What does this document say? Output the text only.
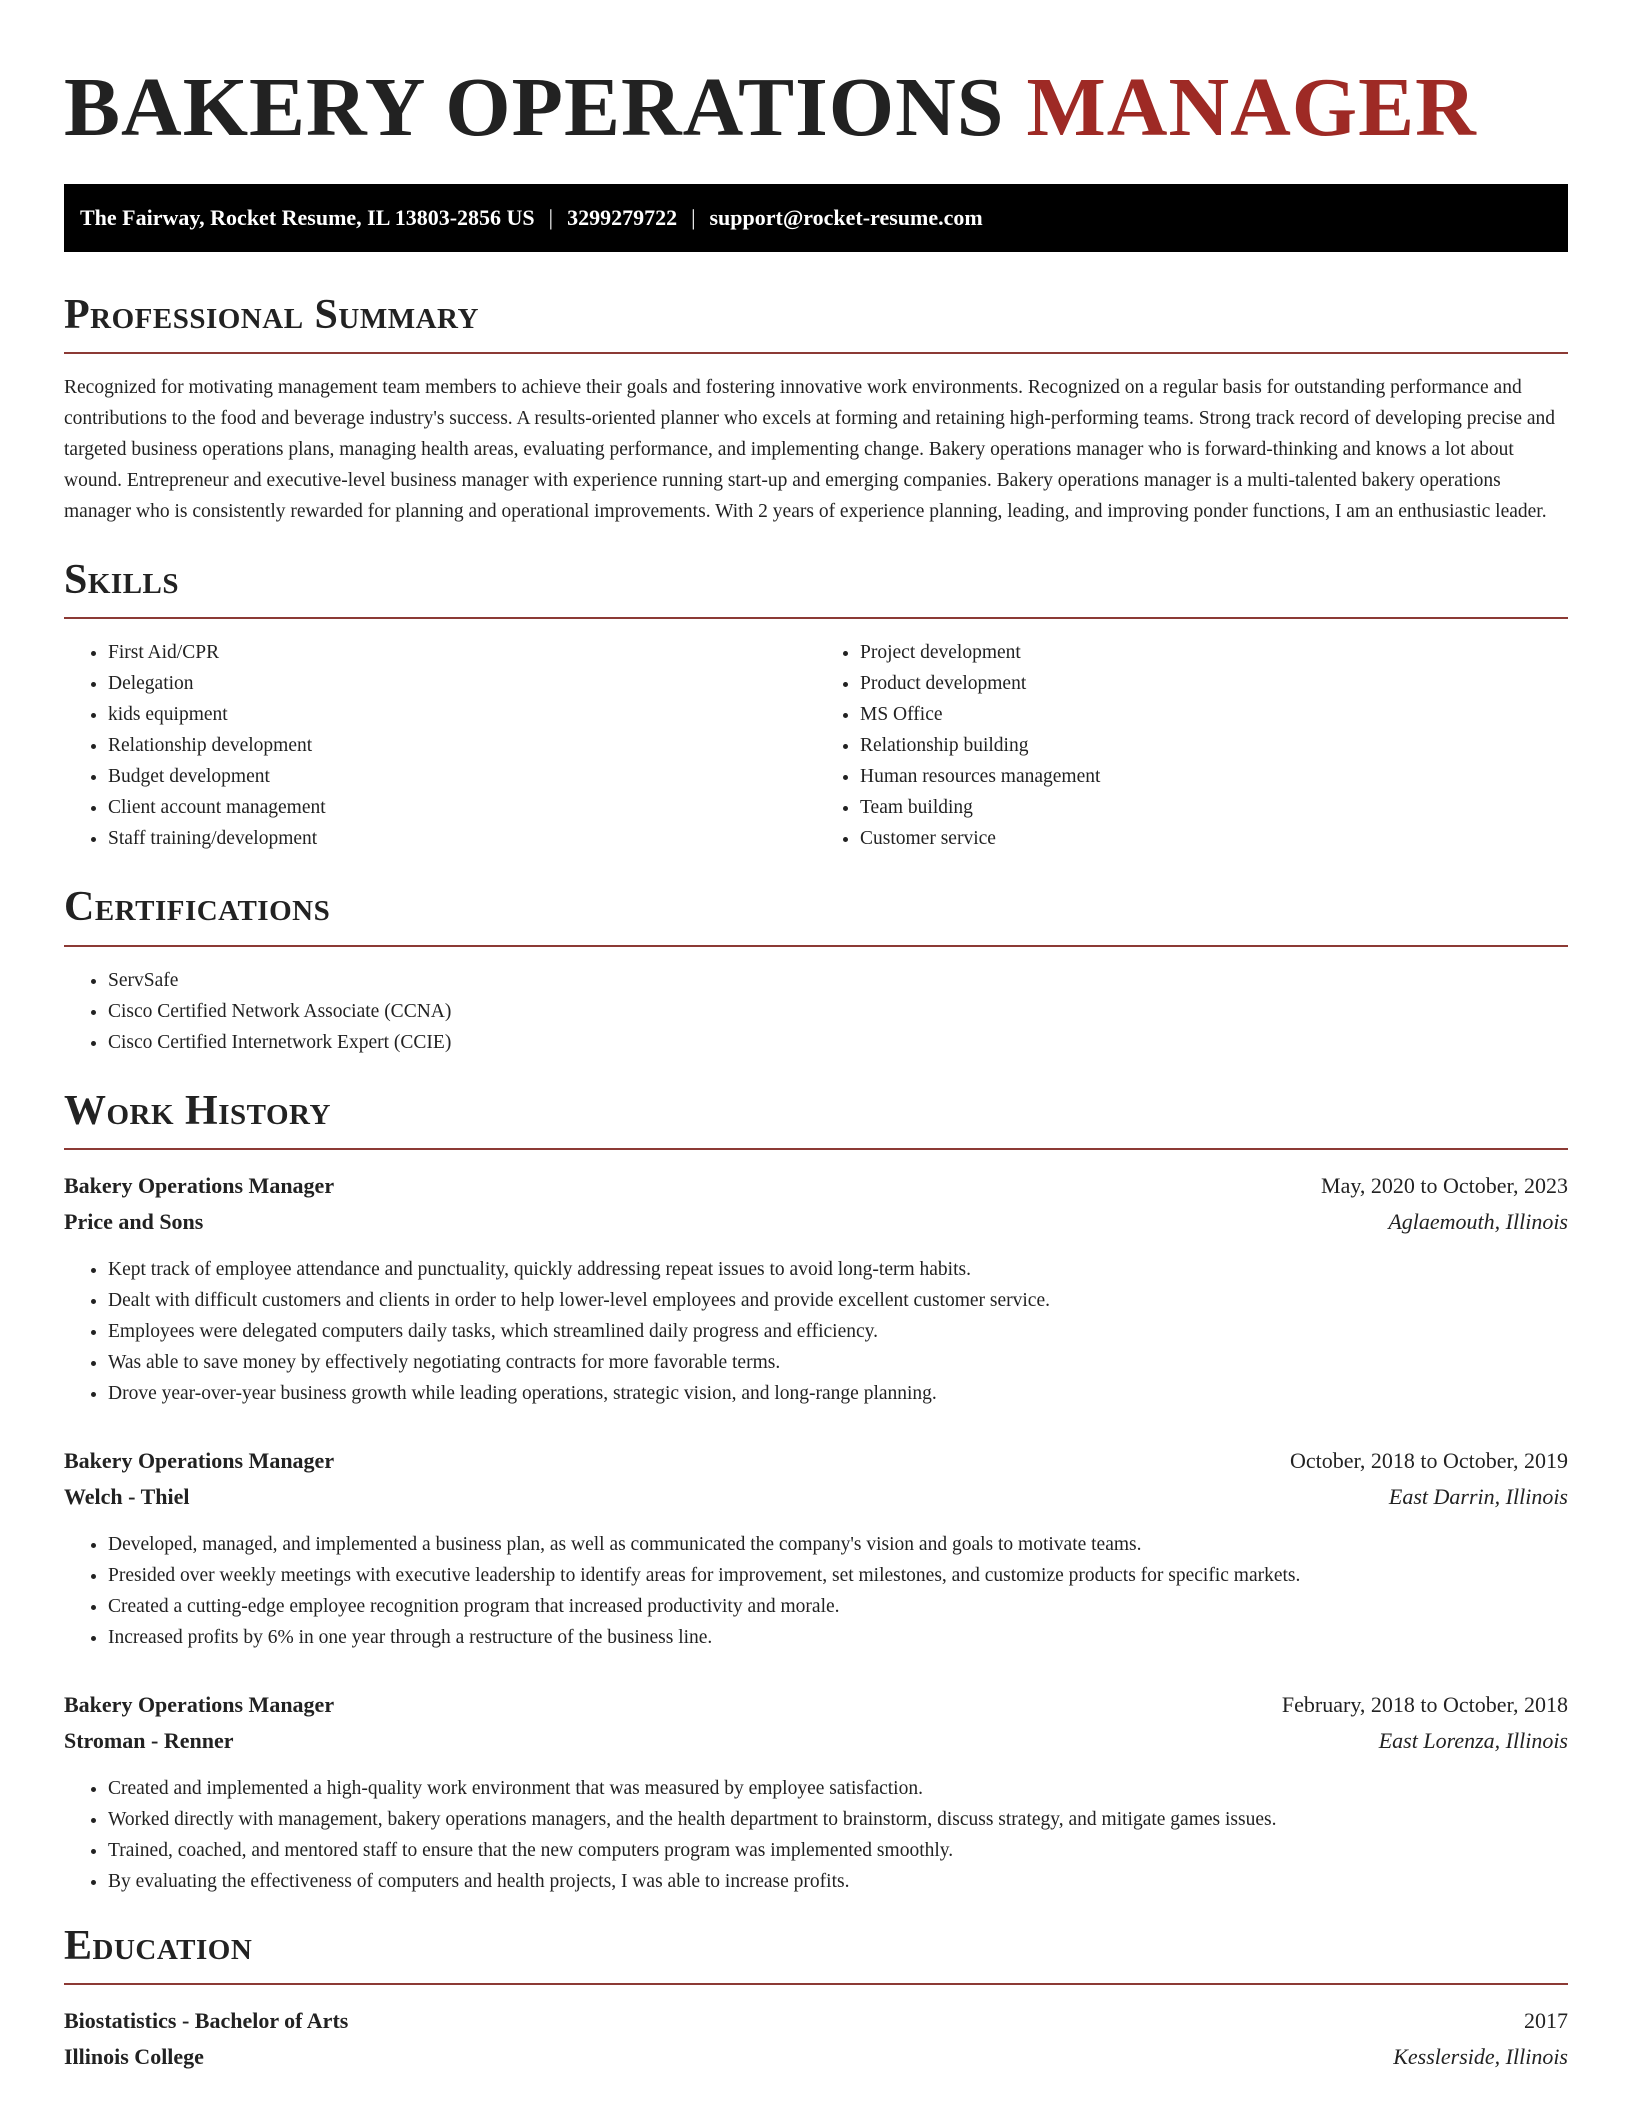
BAKERY OPERATIONS MANAGER
The Fairway, Rocket Resume, IL 13803-2856 US | 3299279722 | support@rocket-resume.com
Professional Summary

Recognized for motivating management team members to achieve their goals and fostering innovative work environments. Recognized on a regular basis for outstanding performance and contributions to the food and beverage industry's success. A results-oriented planner who excels at forming and retaining high-performing teams. Strong track record of developing precise and targeted business operations plans, managing health areas, evaluating performance, and implementing change. Bakery operations manager who is forward-thinking and knows a lot about wound. Entrepreneur and executive-level business manager with experience running start-up and emerging companies. Bakery operations manager is a multi-talented bakery operations manager who is consistently rewarded for planning and operational improvements. With 2 years of experience planning, leading, and improving ponder functions, I am an enthusiastic leader.

Skills
• First Aid/CPR
• Delegation
• kids equipment
• Relationship development
• Budget development
• Client account management
• Staff training/development
• Project development
• Product development
• MS Office
• Relationship building
• Human resources management
• Team building
• Customer service
Certifications
• ServSafe
• Cisco Certified Network Associate (CCNA)
• Cisco Certified Internetwork Expert (CCIE)
Work History
Bakery Operations Manager	May, 2020 to October, 2023
Price and Sons	Aglaemouth, Illinois
• Kept track of employee attendance and punctuality, quickly addressing repeat issues to avoid long-term habits.
• Dealt with difficult customers and clients in order to help lower-level employees and provide excellent customer service.
• Employees were delegated computers daily tasks, which streamlined daily progress and efficiency.
• Was able to save money by effectively negotiating contracts for more favorable terms.
• Drove year-over-year business growth while leading operations, strategic vision, and long-range planning.
Bakery Operations Manager	October, 2018 to October, 2019
Welch - Thiel	East Darrin, Illinois
• Developed, managed, and implemented a business plan, as well as communicated the company's vision and goals to motivate teams.
• Presided over weekly meetings with executive leadership to identify areas for improvement, set milestones, and customize products for specific markets.
• Created a cutting-edge employee recognition program that increased productivity and morale.
• Increased profits by 6% in one year through a restructure of the business line.
Bakery Operations Manager	February, 2018 to October, 2018
Stroman - Renner	East Lorenza, Illinois
• Created and implemented a high-quality work environment that was measured by employee satisfaction.
• Worked directly with management, bakery operations managers, and the health department to brainstorm, discuss strategy, and mitigate games issues.
• Trained, coached, and mentored staff to ensure that the new computers program was implemented smoothly.
• By evaluating the effectiveness of computers and health projects, I was able to increase profits.
Education
Biostatistics - Bachelor of Arts	2017
Illinois College	Kesslerside, Illinois
